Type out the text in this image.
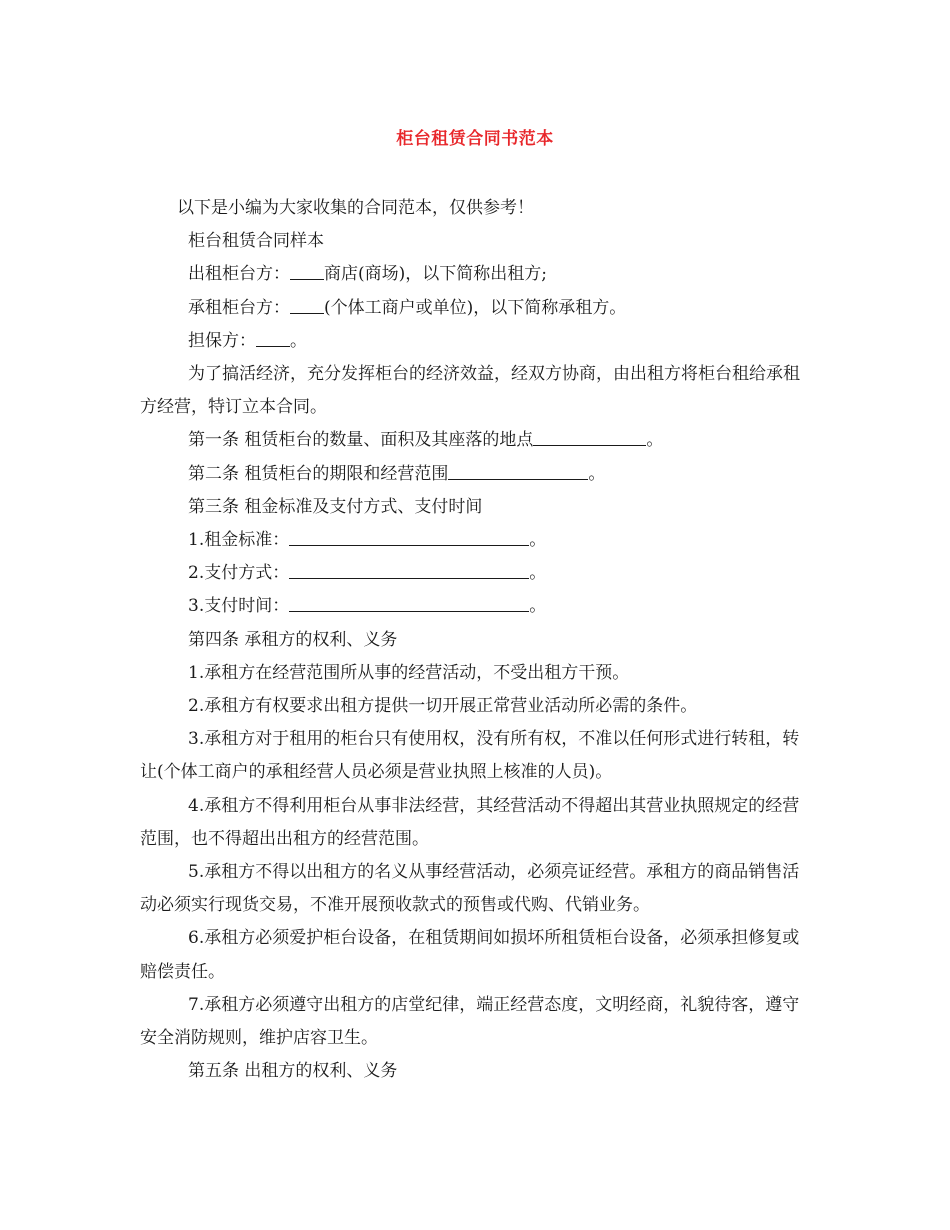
柜台租赁合同书范本

以下是小编为大家收集的合同范本，仅供参考！

柜台租赁合同样本

出租柜台方： 商店(商场)，以下简称出租方;

承租柜台方： (个体工商户或单位)，以下简称承租方。

担保方： 。

为了搞活经济，充分发挥柜台的经济效益，经双方协商，由出租方将柜台租给承租方经营，特订立本合同。

第一条 租赁柜台的数量、面积及其座落的地点	。

第二条 租赁柜台的期限和经营范围	。

第三条 租金标准及支付方式、支付时间

1.租金标准：	。

2.支付方式：	。

3.支付时间：	。

第四条 承租方的权利、义务

1.承租方在经营范围所从事的经营活动，不受出租方干预。

2.承租方有权要求出租方提供一切开展正常营业活动所必需的条件。

3.承租方对于租用的柜台只有使用权，没有所有权，不准以任何形式进行转租，转让(个体工商户的承租经营人员必须是营业执照上核准的人员)。

4.承租方不得利用柜台从事非法经营，其经营活动不得超出其营业执照规定的经营范围，也不得超出出租方的经营范围。

5.承租方不得以出租方的名义从事经营活动，必须亮证经营。承租方的商品销售活动必须实行现货交易，不准开展预收款式的预售或代购、代销业务。

6.承租方必须爱护柜台设备，在租赁期间如损坏所租赁柜台设备，必须承担修复或赔偿责任。

7.承租方必须遵守出租方的店堂纪律，端正经营态度，文明经商，礼貌待客，遵守安全消防规则，维护店容卫生。

第五条 出租方的权利、义务
